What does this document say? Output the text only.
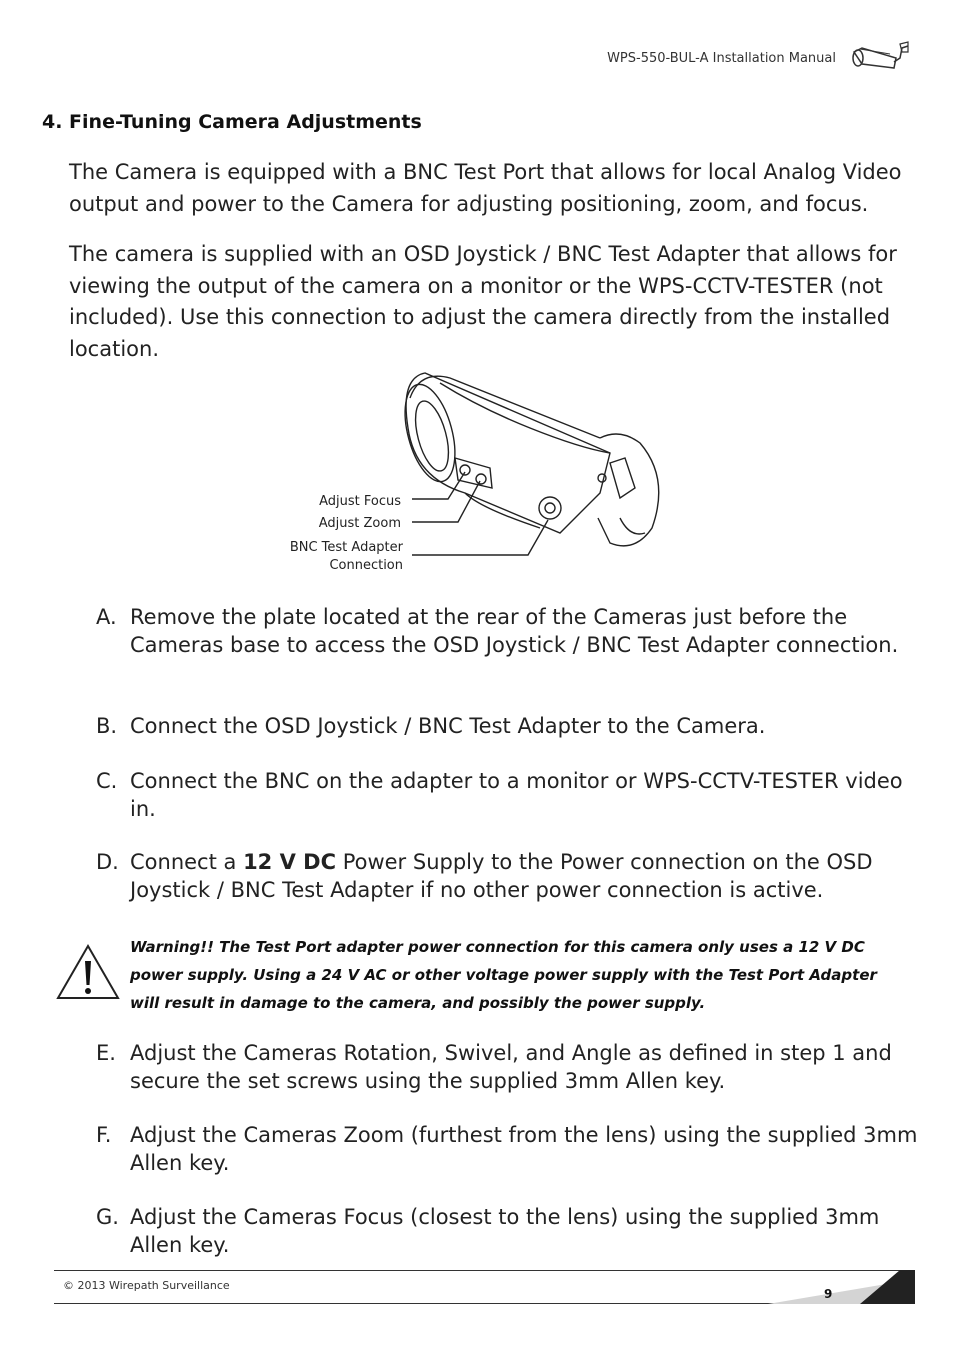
WPS-550-BUL-A Installation Manual
4. Fine-Tuning Camera Adjustments

The Camera is equipped with a BNC Test Port that allows for local Analog Video output and power to the Camera for adjusting positioning, zoom, and focus.

The camera is supplied with an OSD Joystick / BNC Test Adapter that allows for viewing the output of the camera on a monitor or the WPS-CCTV-TESTER (not included). Use this connection to adjust the camera directly from the installed location.

Adjust Focus
Adjust Zoom
BNC Test Adapter
Connection
A. Remove the plate located at the rear of the Cameras just before the Cameras base to access the OSD Joystick / BNC Test Adapter connection.
B. Connect the OSD Joystick / BNC Test Adapter to the Camera.
C. Connect the BNC on the adapter to a monitor or WPS-CCTV-TESTER video in.
D. Connect a 12 V DC Power Supply to the Power connection on the OSD Joystick / BNC Test Adapter if no other power connection is active.
Warning!! The Test Port adapter power connection for this camera only uses a 12 V DC power supply. Using a 24 V AC or other voltage power supply with the Test Port Adapter will result in damage to the camera, and possibly the power supply.
E. Adjust the Cameras Rotation, Swivel, and Angle as defined in step 1 and secure the set screws using the supplied 3mm Allen key.
F. Adjust the Cameras Zoom (furthest from the lens) using the supplied 3mm Allen key.
G. Adjust the Cameras Focus (closest to the lens) using the supplied 3mm Allen key.
© 2013 Wirepath Surveillance
9
